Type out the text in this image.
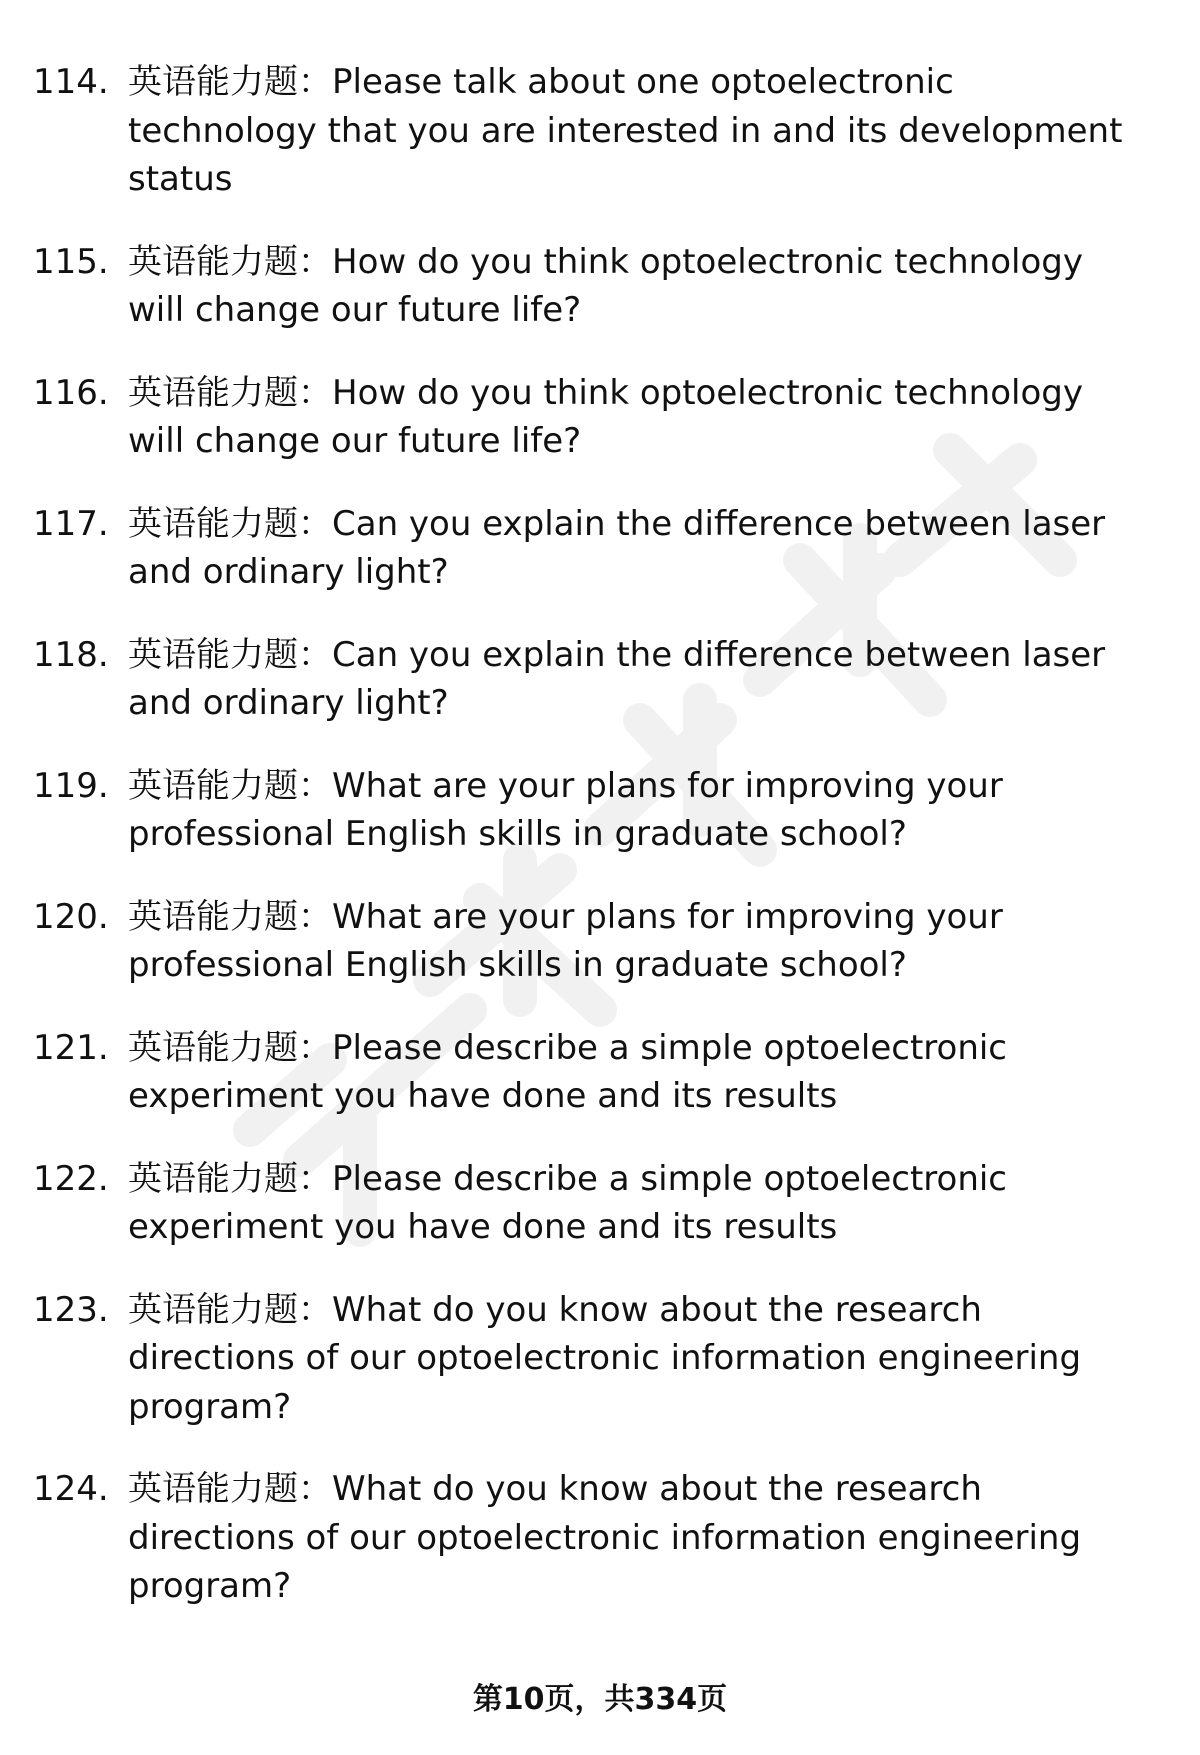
114. 英语能力题：Please talk about one optoelectronic technology that you are interested in and its development status
115. 英语能力题：How do you think optoelectronic technology will change our future life?
116. 英语能力题：How do you think optoelectronic technology will change our future life?
117. 英语能力题：Can you explain the difference between laser and ordinary light?
118. 英语能力题：Can you explain the difference between laser and ordinary light?
119. 英语能力题：What are your plans for improving your professional English skills in graduate school?
120. 英语能力题：What are your plans for improving your professional English skills in graduate school?
121. 英语能力题：Please describe a simple optoelectronic experiment you have done and its results
122. 英语能力题：Please describe a simple optoelectronic experiment you have done and its results
123. 英语能力题：What do you know about the research directions of our optoelectronic information engineering program?
124. 英语能力题：What do you know about the research directions of our optoelectronic information engineering program?
第10页，共334页
